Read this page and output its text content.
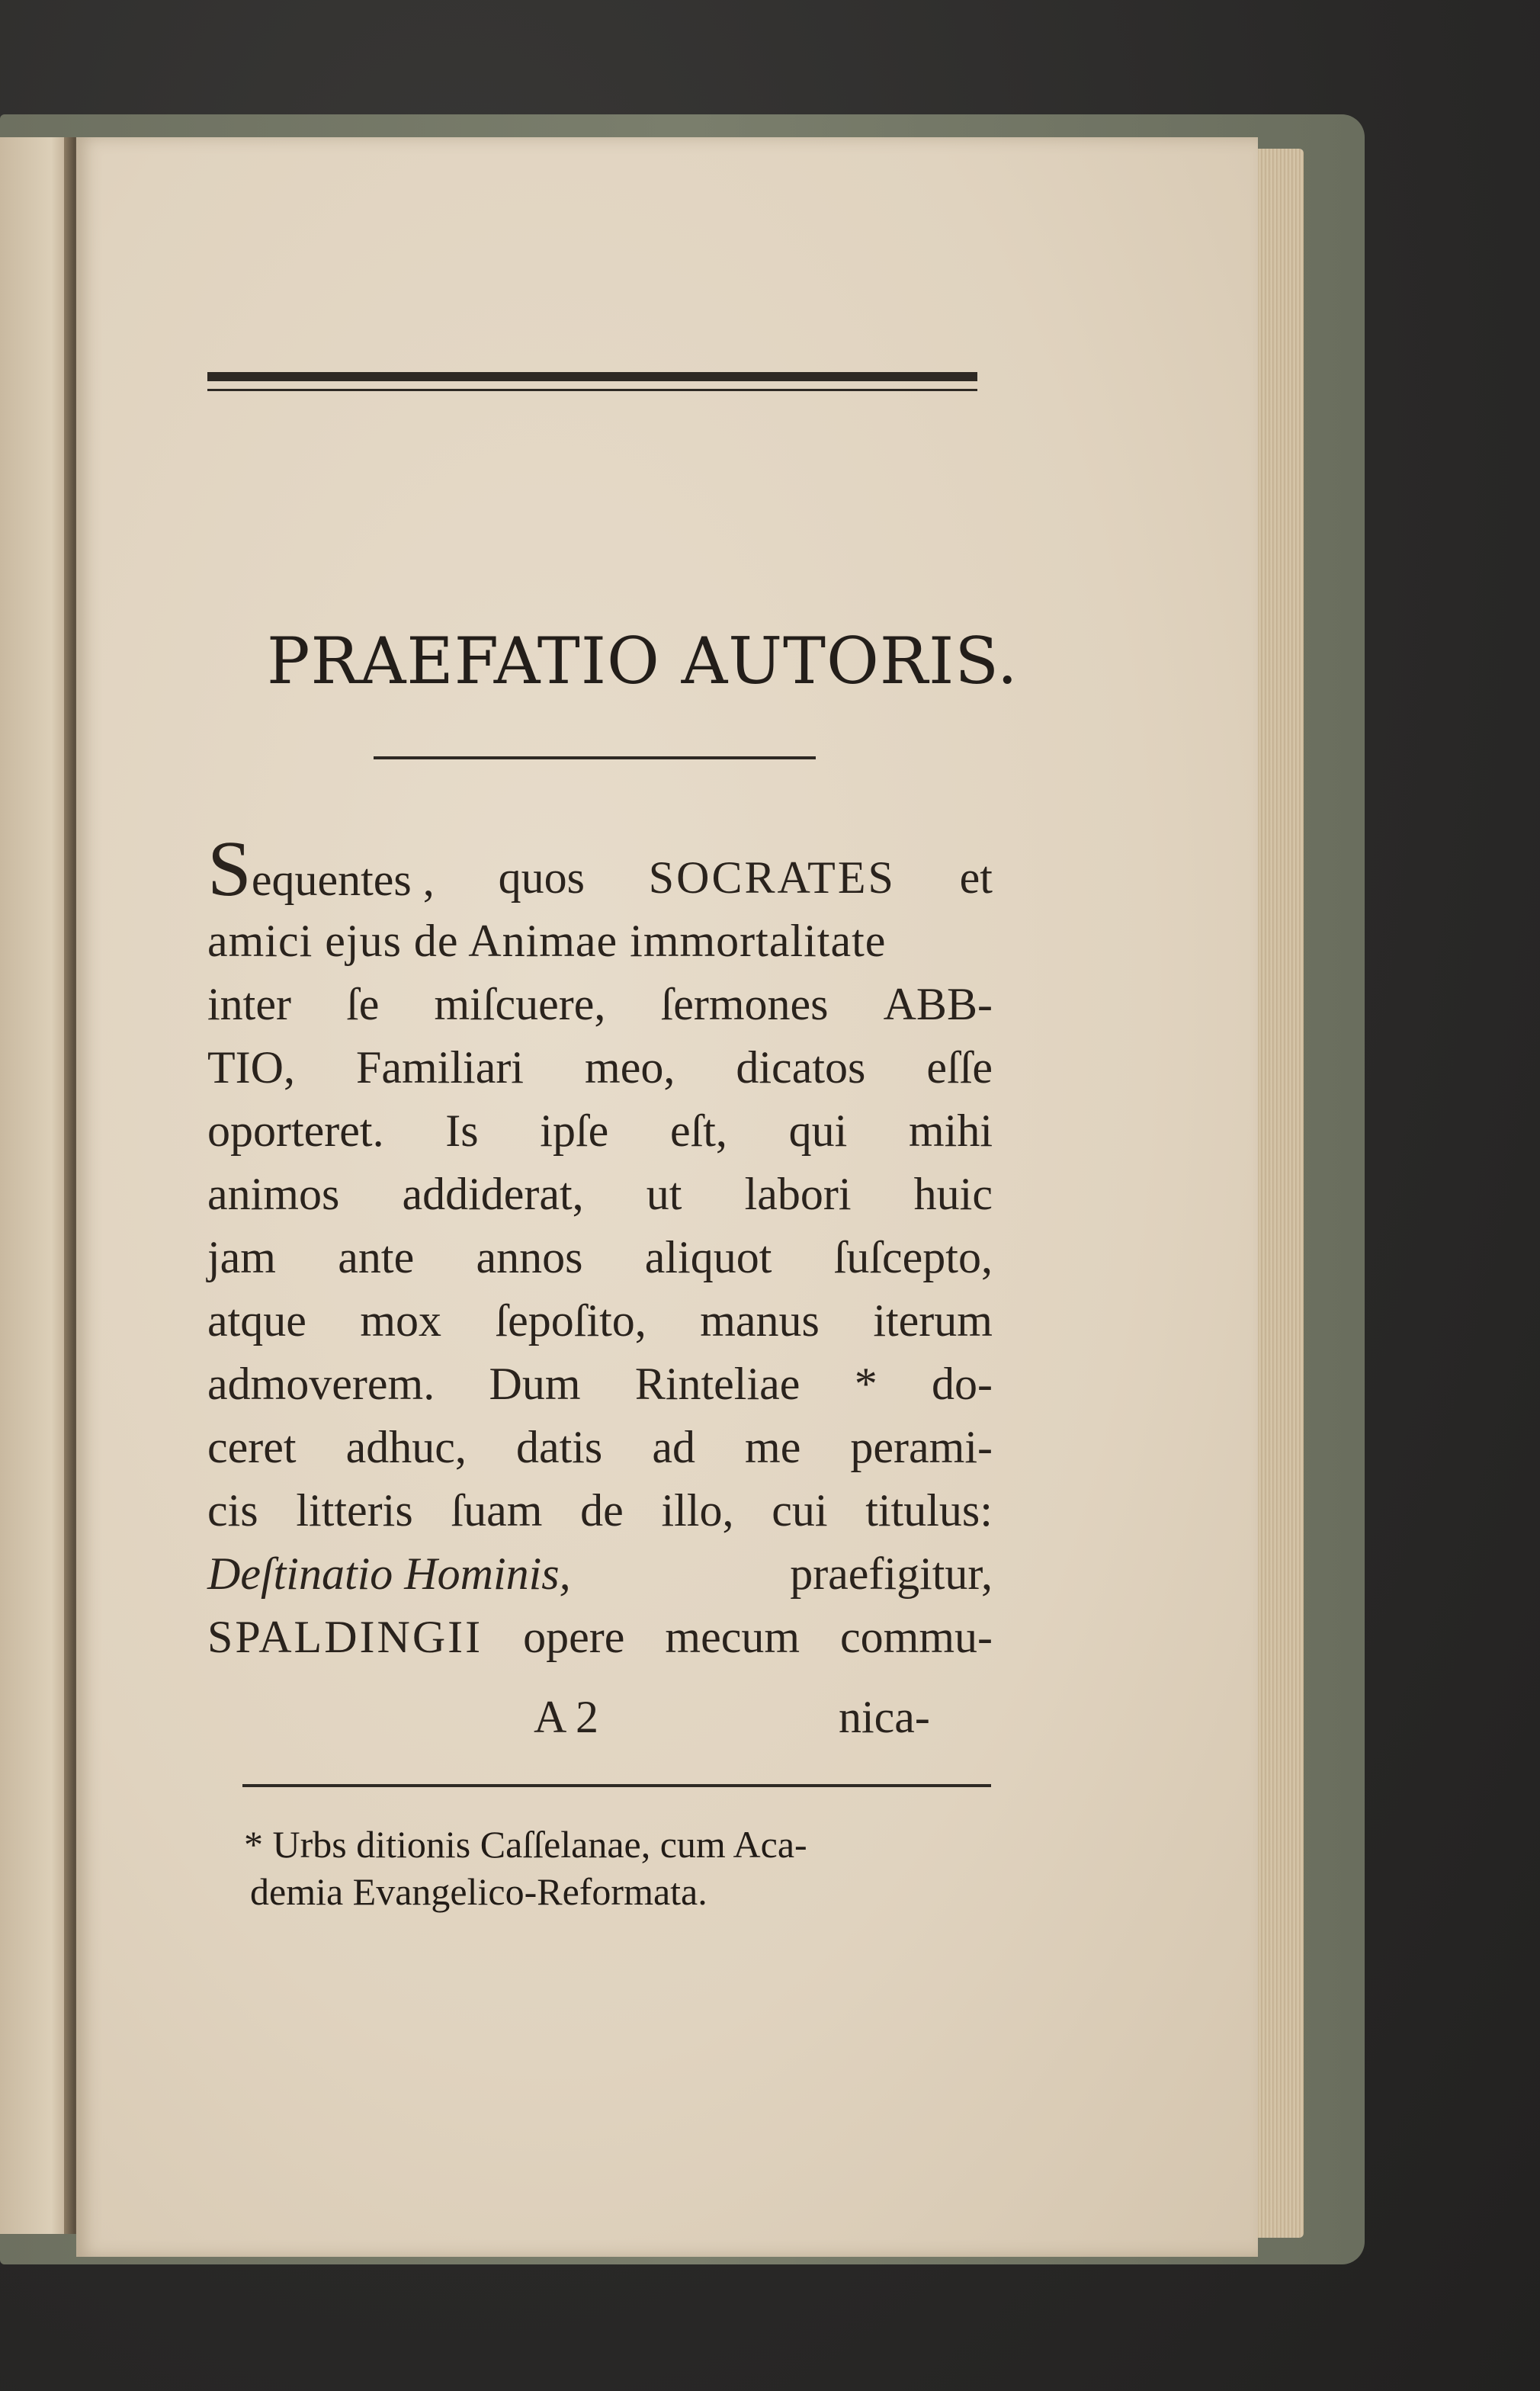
PRAEFATIO AUTORIS.
Sequentes , quos SOCRATES et
amici ejus de Animae immortalitate
inter ſe miſcuere, ſermones ABB-
TIO, Familiari meo, dicatos eſſe
oporteret. Is ipſe eſt, qui mihi
animos addiderat, ut labori huic
jam ante annos aliquot ſuſcepto,
atque mox ſepoſito, manus iterum
admoverem. Dum Rinteliae * do-
ceret adhuc, datis ad me perami-
cis litteris ſuam de illo, cui titulus:
Deſtinatio Hominis,	praefigitur,
SPALDINGII opere mecum commu-
A 2	nica-
* Urbs ditionis Caſſelanae, cum Aca-
demia Evangelico-Reformata.
